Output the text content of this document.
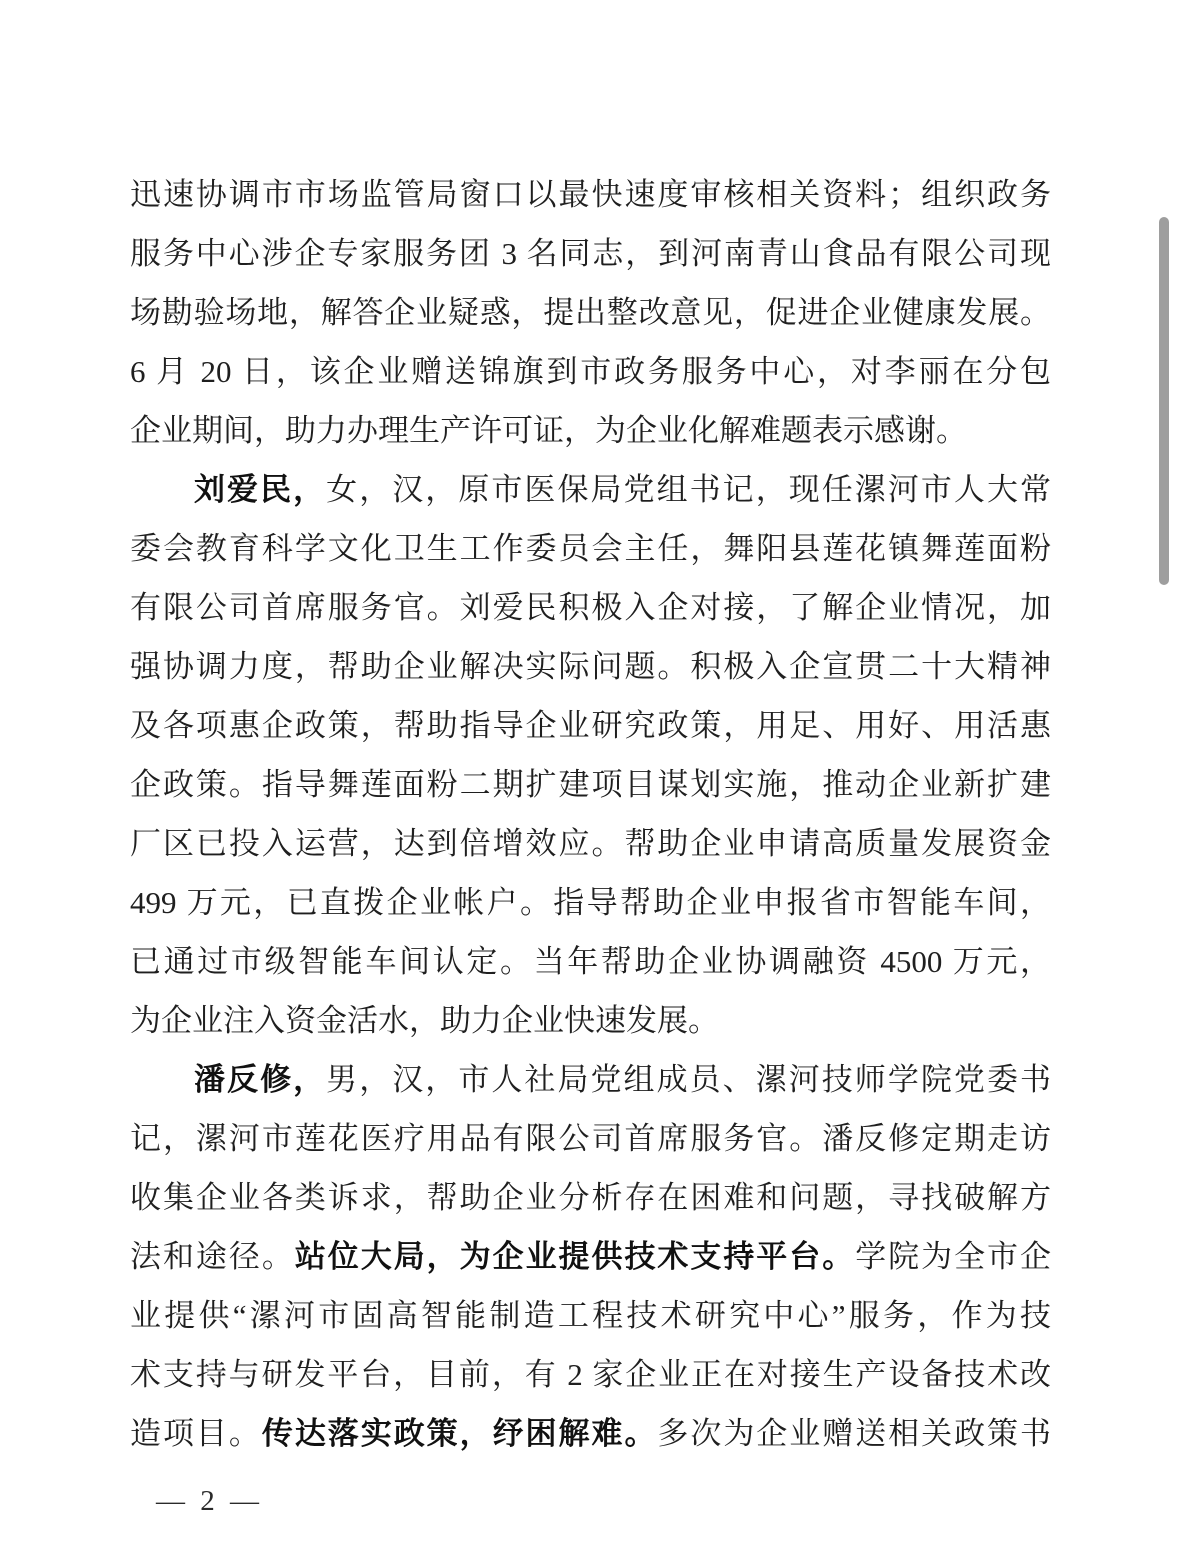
迅速协调市市场监管局窗口以最快速度审核相关资料；组织政务
服务中心涉企专家服务团 3 名同志，到河南青山食品有限公司现
场勘验场地，解答企业疑惑，提出整改意见，促进企业健康发展。
6 月 20 日，该企业赠送锦旗到市政务服务中心，对李丽在分包
企业期间，助力办理生产许可证，为企业化解难题表示感谢。
刘爱民，女，汉，原市医保局党组书记，现任漯河市人大常
委会教育科学文化卫生工作委员会主任，舞阳县莲花镇舞莲面粉
有限公司首席服务官。刘爱民积极入企对接，了解企业情况，加
强协调力度，帮助企业解决实际问题。积极入企宣贯二十大精神
及各项惠企政策，帮助指导企业研究政策，用足、用好、用活惠
企政策。指导舞莲面粉二期扩建项目谋划实施，推动企业新扩建
厂区已投入运营，达到倍增效应。帮助企业申请高质量发展资金
499 万元，已直拨企业帐户。指导帮助企业申报省市智能车间，
已通过市级智能车间认定。当年帮助企业协调融资 4500 万元，
为企业注入资金活水，助力企业快速发展。
潘反修，男，汉，市人社局党组成员、漯河技师学院党委书
记，漯河市莲花医疗用品有限公司首席服务官。潘反修定期走访
收集企业各类诉求，帮助企业分析存在困难和问题，寻找破解方
法和途径。站位大局，为企业提供技术支持平台。学院为全市企
业提供“漯河市固高智能制造工程技术研究中心”服务，作为技
术支持与研发平台，目前，有 2 家企业正在对接生产设备技术改
造项目。传达落实政策，纾困解难。多次为企业赠送相关政策书
— 2 —
